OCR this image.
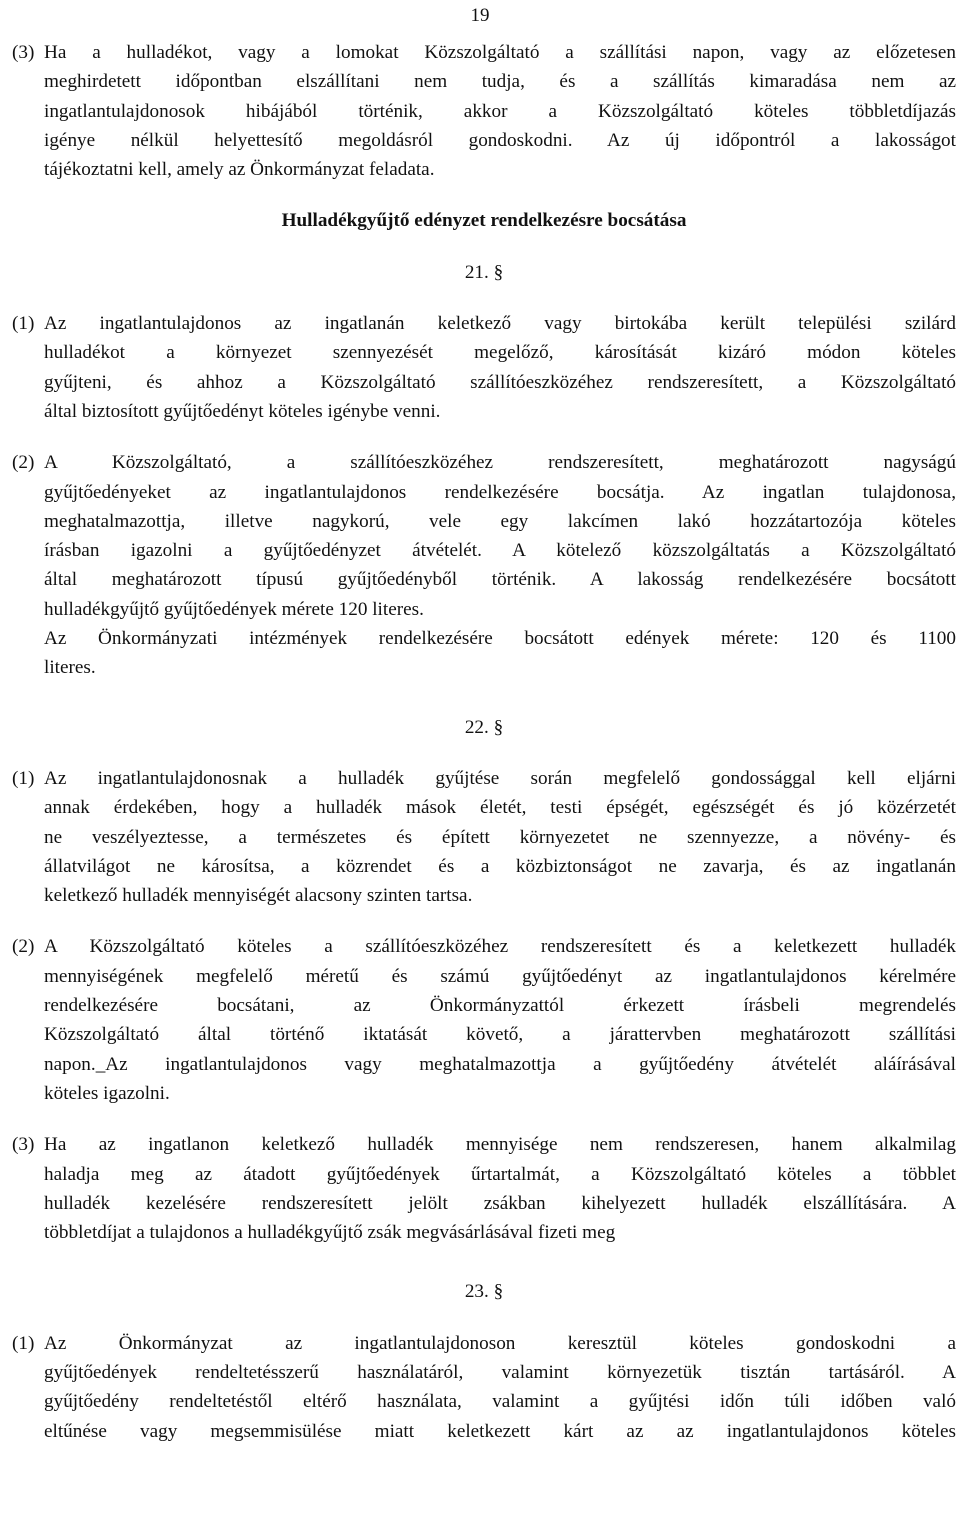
19
(3) Ha a hulladékot, vagy a lomokat Közszolgáltató a szállítási napon, vagy az előzetesen
meghirdetett időpontban elszállítani nem tudja, és a szállítás kimaradása nem az
ingatlantulajdonosok hibájából történik, akkor a Közszolgáltató köteles többletdíjazás
igénye nélkül helyettesítő megoldásról gondoskodni. Az új időpontról a lakosságot
tájékoztatni kell, amely az Önkormányzat feladata.
Hulladékgyűjtő edényzet rendelkezésre bocsátása
21. §
(1) Az ingatlantulajdonos az ingatlanán keletkező vagy birtokába került települési szilárd
hulladékot a környezet szennyezését megelőző, károsítását kizáró módon köteles
gyűjteni, és ahhoz a Közszolgáltató szállítóeszközéhez rendszeresített, a Közszolgáltató
által biztosított gyűjtőedényt köteles igénybe venni.
(2) A Közszolgáltató, a szállítóeszközéhez rendszeresített, meghatározott nagyságú
gyűjtőedényeket az ingatlantulajdonos rendelkezésére bocsátja. Az ingatlan tulajdonosa,
meghatalmazottja, illetve nagykorú, vele egy lakcímen lakó hozzátartozója köteles
írásban igazolni a gyűjtőedényzet átvételét. A kötelező közszolgáltatás a Közszolgáltató
által meghatározott típusú gyűjtőedényből történik. A lakosság rendelkezésére bocsátott
hulladékgyűjtő gyűjtőedények mérete 120 literes.
Az Önkormányzati intézmények rendelkezésére bocsátott edények mérete: 120 és 1100
literes.
22. §
(1) Az ingatlantulajdonosnak a hulladék gyűjtése során megfelelő gondossággal kell eljárni
annak érdekében, hogy a hulladék mások életét, testi épségét, egészségét és jó közérzetét
ne veszélyeztesse, a természetes és épített környezetet ne szennyezze, a növény- és
állatvilágot ne károsítsa, a közrendet és a közbiztonságot ne zavarja, és az ingatlanán
keletkező hulladék mennyiségét alacsony szinten tartsa.
(2) A Közszolgáltató köteles a szállítóeszközéhez rendszeresített és a keletkezett hulladék
mennyiségének megfelelő méretű és számú gyűjtőedényt az ingatlantulajdonos kérelmére
rendelkezésére bocsátani, az Önkormányzattól érkezett írásbeli megrendelés
Közszolgáltató által történő iktatását követő, a járattervben meghatározott szállítási
napon._Az ingatlantulajdonos vagy meghatalmazottja a gyűjtőedény átvételét aláírásával
köteles igazolni.
(3) Ha az ingatlanon keletkező hulladék mennyisége nem rendszeresen, hanem alkalmilag
haladja meg az átadott gyűjtőedények űrtartalmát, a Közszolgáltató köteles a többlet
hulladék kezelésére rendszeresített jelölt zsákban kihelyezett hulladék elszállítására. A
többletdíjat a tulajdonos a hulladékgyűjtő zsák megvásárlásával fizeti meg
23. §
(1) Az Önkormányzat az ingatlantulajdonoson keresztül köteles gondoskodni a
gyűjtőedények rendeltetésszerű használatáról, valamint környezetük tisztán tartásáról. A
gyűjtőedény rendeltetéstől eltérő használata, valamint a gyűjtési időn túli időben való
eltűnése vagy megsemmisülése miatt keletkezett kárt az az ingatlantulajdonos köteles
